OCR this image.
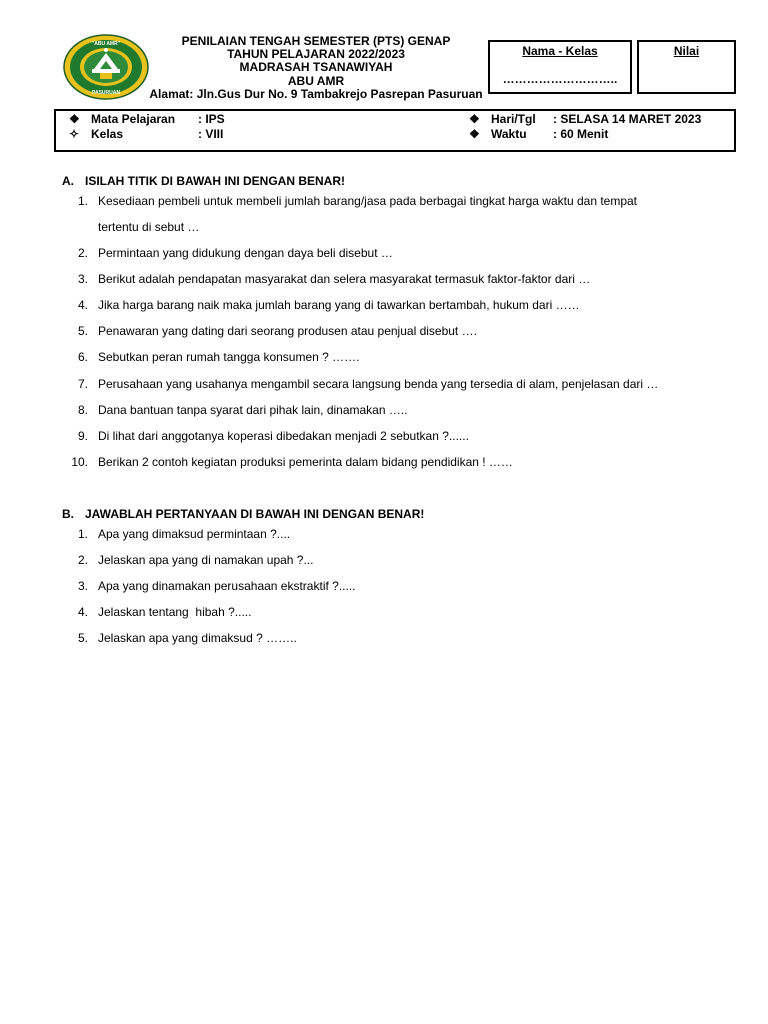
"ABU AMR"
PASURUAN
PENILAIAN TENGAH SEMESTER (PTS) GENAP
TAHUN PELAJARAN 2022/2023
MADRASAH TSANAWIYAH
ABU AMR
Alamat: Jln.Gus Dur No. 9 Tambakrejo Pasrepan Pasuruan
Nama - Kelas
………………………..
Nilai
❖ Mata Pelajaran : IPS
✧ Kelas	: VIII
❖ Hari/Tgl : SELASA 14 MARET 2023
❖ Waktu : 60 Menit
A. ISILAH TITIK DI BAWAH INI DENGAN BENAR!
1. Kesediaan pembeli untuk membeli jumlah barang/jasa pada berbagai tingkat harga waktu dan tempat
tertentu di sebut …
2. Permintaan yang didukung dengan daya beli disebut …
3. Berikut adalah pendapatan masyarakat dan selera masyarakat termasuk faktor-faktor dari …
4. Jika harga barang naik maka jumlah barang yang di tawarkan bertambah, hukum dari ……
5. Penawaran yang dating dari seorang produsen atau penjual disebut ….
6. Sebutkan peran rumah tangga konsumen ? …….
7. Perusahaan yang usahanya mengambil secara langsung benda yang tersedia di alam, penjelasan dari …
8. Dana bantuan tanpa syarat dari pihak lain, dinamakan …..
9. Di lihat dari anggotanya koperasi dibedakan menjadi 2 sebutkan ?......
10. Berikan 2 contoh kegiatan produksi pemerinta dalam bidang pendidikan ! ……
B. JAWABLAH PERTANYAAN DI BAWAH INI DENGAN BENAR!
1. Apa yang dimaksud permintaan ?....
2. Jelaskan apa yang di namakan upah ?...
3. Apa yang dinamakan perusahaan ekstraktif ?.....
4. Jelaskan tentang  hibah ?.....
5. Jelaskan apa yang dimaksud ? ……..
